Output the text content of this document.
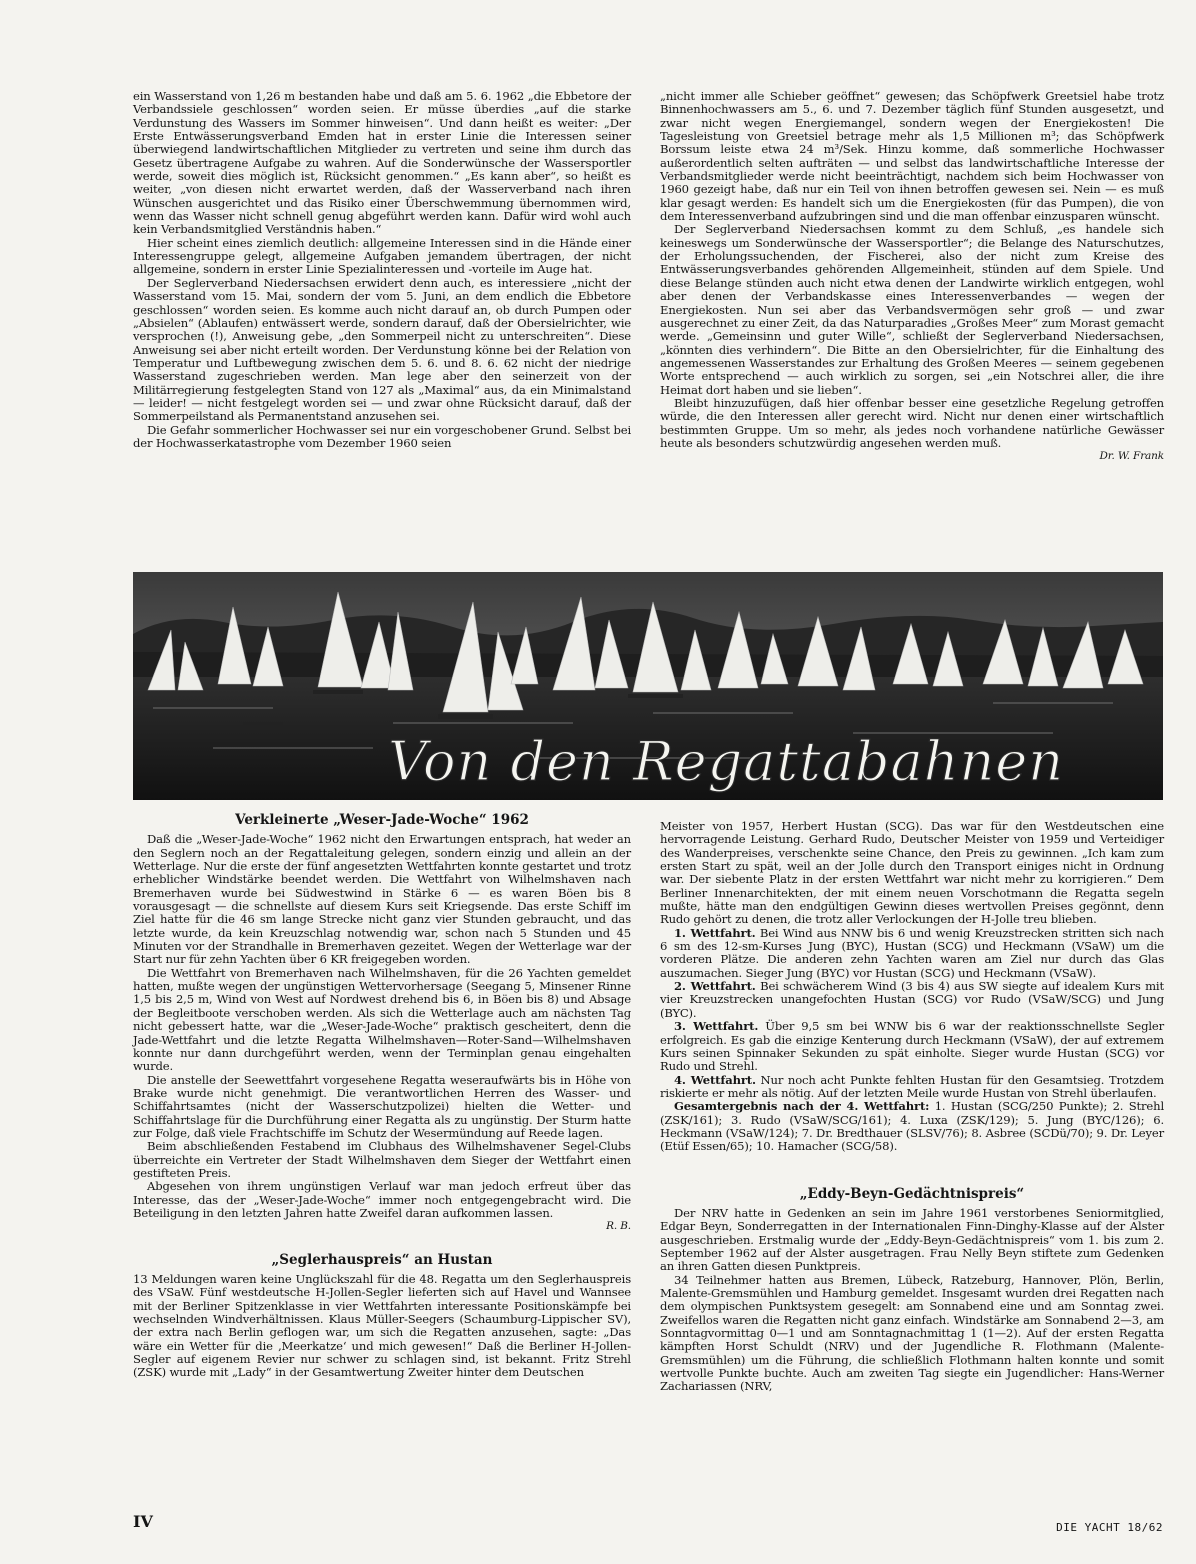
ein Wasserstand von 1,26 m bestanden habe und daß am 5. 6. 1962 „die Ebbetore der Verbandssiele geschlossen“ worden seien. Er müsse überdies „auf die starke Verdunstung des Wassers im Sommer hinweisen“. Und dann heißt es weiter: „Der Erste Entwässerungsverband Emden hat in erster Linie die Interessen seiner überwiegend landwirtschaftlichen Mitglieder zu vertreten und seine ihm durch das Gesetz übertragene Aufgabe zu wahren. Auf die Sonderwünsche der Wassersportler werde, soweit dies möglich ist, Rücksicht genommen.“ „Es kann aber“, so heißt es weiter, „von diesen nicht erwartet werden, daß der Wasserverband nach ihren Wünschen ausgerichtet und das Risiko einer Überschwemmung übernommen wird, wenn das Wasser nicht schnell genug abgeführt werden kann. Dafür wird wohl auch kein Verbandsmitglied Verständnis haben.“

Hier scheint eines ziemlich deutlich: allgemeine Interessen sind in die Hände einer Interessengruppe gelegt, allgemeine Aufgaben jemandem übertragen, der nicht allgemeine, sondern in erster Linie Spezialinteressen und -vorteile im Auge hat.

Der Seglerverband Niedersachsen erwidert denn auch, es interessiere „nicht der Wasserstand vom 15. Mai, sondern der vom 5. Juni, an dem endlich die Ebbetore geschlossen“ worden seien. Es komme auch nicht darauf an, ob durch Pumpen oder „Absielen“ (Ablaufen) entwässert werde, sondern darauf, daß der Obersielrichter, wie versprochen (!), Anweisung gebe, „den Sommerpeil nicht zu unterschreiten“. Diese Anweisung sei aber nicht erteilt worden. Der Verdunstung könne bei der Relation von Temperatur und Luftbewegung zwischen dem 5. 6. und 8. 6. 62 nicht der niedrige Wasserstand zugeschrieben werden. Man lege aber den seinerzeit von der Militärregierung festgelegten Stand von 127 als „Maximal“ aus, da ein Minimalstand — leider! — nicht festgelegt worden sei — und zwar ohne Rücksicht darauf, daß der Sommerpeilstand als Permanentstand anzusehen sei.

Die Gefahr sommerlicher Hochwasser sei nur ein vorgeschobener Grund. Selbst bei der Hochwasserkatastrophe vom Dezember 1960 seien

„nicht immer alle Schieber geöffnet“ gewesen; das Schöpfwerk Greetsiel habe trotz Binnenhochwassers am 5., 6. und 7. Dezember täglich fünf Stunden ausgesetzt, und zwar nicht wegen Energiemangel, sondern wegen der Energiekosten! Die Tagesleistung von Greetsiel betrage mehr als 1,5 Millionen m³; das Schöpfwerk Borssum leiste etwa 24 m³/Sek. Hinzu komme, daß sommerliche Hochwasser außerordentlich selten aufträten — und selbst das landwirtschaftliche Interesse der Verbandsmitglieder werde nicht beeinträchtigt, nachdem sich beim Hochwasser von 1960 gezeigt habe, daß nur ein Teil von ihnen betroffen gewesen sei. Nein — es muß klar gesagt werden: Es handelt sich um die Energiekosten (für das Pumpen), die von dem Interessenverband aufzubringen sind und die man offenbar einzusparen wünscht.

Der Seglerverband Niedersachsen kommt zu dem Schluß, „es handele sich keineswegs um Sonderwünsche der Wassersportler“; die Belange des Naturschutzes, der Erholungssuchenden, der Fischerei, also der nicht zum Kreise des Entwässerungsverbandes gehörenden Allgemeinheit, stünden auf dem Spiele. Und diese Belange stünden auch nicht etwa denen der Landwirte wirklich entgegen, wohl aber denen der Verbandskasse eines Interessenverbandes — wegen der Energiekosten. Nun sei aber das Verbandsvermögen sehr groß — und zwar ausgerechnet zu einer Zeit, da das Naturparadies „Großes Meer“ zum Morast gemacht werde. „Gemeinsinn und guter Wille“, schließt der Seglerverband Niedersachsen, „könnten dies verhindern“. Die Bitte an den Obersielrichter, für die Einhaltung des angemessenen Wasserstandes zur Erhaltung des Großen Meeres — seinem gegebenen Worte entsprechend — auch wirklich zu sorgen, sei „ein Notschrei aller, die ihre Heimat dort haben und sie lieben“.

Bleibt hinzuzufügen, daß hier offenbar besser eine gesetzliche Regelung getroffen würde, die den Interessen aller gerecht wird. Nicht nur denen einer wirtschaftlich bestimmten Gruppe. Um so mehr, als jedes noch vorhandene natürliche Gewässer heute als besonders schutzwürdig angesehen werden muß.

Dr. W. Frank

Von den Regattabahnen
Verkleinerte „Weser-Jade-Woche“ 1962

Daß die „Weser-Jade-Woche“ 1962 nicht den Erwartungen entsprach, hat weder an den Seglern noch an der Regattaleitung gelegen, sondern einzig und allein an der Wetterlage. Nur die erste der fünf angesetzten Wettfahrten konnte gestartet und trotz erheblicher Windstärke beendet werden. Die Wettfahrt von Wilhelmshaven nach Bremerhaven wurde bei Südwestwind in Stärke 6 — es waren Böen bis 8 vorausgesagt — die schnellste auf diesem Kurs seit Kriegsende. Das erste Schiff im Ziel hatte für die 46 sm lange Strecke nicht ganz vier Stunden gebraucht, und das letzte wurde, da kein Kreuzschlag notwendig war, schon nach 5 Stunden und 45 Minuten vor der Strandhalle in Bremerhaven gezeitet. Wegen der Wetterlage war der Start nur für zehn Yachten über 6 KR freigegeben worden.

Die Wettfahrt von Bremerhaven nach Wilhelmshaven, für die 26 Yachten gemeldet hatten, mußte wegen der ungünstigen Wettervorhersage (Seegang 5, Minsener Rinne 1,5 bis 2,5 m, Wind von West auf Nordwest drehend bis 6, in Böen bis 8) und Absage der Begleitboote verschoben werden. Als sich die Wetterlage auch am nächsten Tag nicht gebessert hatte, war die „Weser-Jade-Woche“ praktisch gescheitert, denn die Jade-Wettfahrt und die letzte Regatta Wilhelmshaven—Roter-Sand—Wilhelmshaven konnte nur dann durchgeführt werden, wenn der Terminplan genau eingehalten wurde.

Die anstelle der Seewettfahrt vorgesehene Regatta weseraufwärts bis in Höhe von Brake wurde nicht genehmigt. Die verantwortlichen Herren des Wasser- und Schiffahrtsamtes (nicht der Wasserschutzpolizei) hielten die Wetter- und Schiffahrtslage für die Durchführung einer Regatta als zu ungünstig. Der Sturm hatte zur Folge, daß viele Frachtschiffe im Schutz der Wesermündung auf Reede lagen.

Beim abschließenden Festabend im Clubhaus des Wilhelmshavener Segel-Clubs überreichte ein Vertreter der Stadt Wilhelmshaven dem Sieger der Wettfahrt einen gestifteten Preis.

Abgesehen von ihrem ungünstigen Verlauf war man jedoch erfreut über das Interesse, das der „Weser-Jade-Woche“ immer noch entgegengebracht wird. Die Beteiligung in den letzten Jahren hatte Zweifel daran aufkommen lassen.

R. B.

„Seglerhauspreis“ an Hustan

13 Meldungen waren keine Unglückszahl für die 48. Regatta um den Seglerhauspreis des VSaW. Fünf westdeutsche H-Jollen-Segler lieferten sich auf Havel und Wannsee mit der Berliner Spitzenklasse in vier Wettfahrten interessante Positionskämpfe bei wechselnden Windverhältnissen. Klaus Müller-Seegers (Schaumburg-Lippischer SV), der extra nach Berlin geflogen war, um sich die Regatten anzusehen, sagte: „Das wäre ein Wetter für die ‚Meerkatze‘ und mich gewesen!“ Daß die Berliner H-Jollen-Segler auf eigenem Revier nur schwer zu schlagen sind, ist bekannt. Fritz Strehl (ZSK) wurde mit „Lady“ in der Gesamtwertung Zweiter hinter dem Deutschen

Meister von 1957, Herbert Hustan (SCG). Das war für den Westdeutschen eine hervorragende Leistung. Gerhard Rudo, Deutscher Meister von 1959 und Verteidiger des Wanderpreises, verschenkte seine Chance, den Preis zu gewinnen. „Ich kam zum ersten Start zu spät, weil an der Jolle durch den Transport einiges nicht in Ordnung war. Der siebente Platz in der ersten Wettfahrt war nicht mehr zu korrigieren.“ Dem Berliner Innenarchitekten, der mit einem neuen Vorschotmann die Regatta segeln mußte, hätte man den endgültigen Gewinn dieses wertvollen Preises gegönnt, denn Rudo gehört zu denen, die trotz aller Verlockungen der H-Jolle treu blieben.

1. Wettfahrt. Bei Wind aus NNW bis 6 und wenig Kreuzstrecken stritten sich nach 6 sm des 12-sm-Kurses Jung (BYC), Hustan (SCG) und Heckmann (VSaW) um die vorderen Plätze. Die anderen zehn Yachten waren am Ziel nur durch das Glas auszumachen. Sieger Jung (BYC) vor Hustan (SCG) und Heckmann (VSaW).

2. Wettfahrt. Bei schwächerem Wind (3 bis 4) aus SW siegte auf idealem Kurs mit vier Kreuzstrecken unangefochten Hustan (SCG) vor Rudo (VSaW/SCG) und Jung (BYC).

3. Wettfahrt. Über 9,5 sm bei WNW bis 6 war der reaktionsschnellste Segler erfolgreich. Es gab die einzige Kenterung durch Heckmann (VSaW), der auf extremem Kurs seinen Spinnaker Sekunden zu spät einholte. Sieger wurde Hustan (SCG) vor Rudo und Strehl.

4. Wettfahrt. Nur noch acht Punkte fehlten Hustan für den Gesamtsieg. Trotzdem riskierte er mehr als nötig. Auf der letzten Meile wurde Hustan von Strehl überlaufen.

Gesamtergebnis nach der 4. Wettfahrt: 1. Hustan (SCG/250 Punkte); 2. Strehl (ZSK/161); 3. Rudo (VSaW/SCG/161); 4. Luxa (ZSK/129); 5. Jung (BYC/126); 6. Heckmann (VSaW/124); 7. Dr. Bredthauer (SLSV/76); 8. Asbree (SCDü/70); 9. Dr. Leyer (Etüf Essen/65); 10. Hamacher (SCG/58).

„Eddy-Beyn-Gedächtnispreis“

Der NRV hatte in Gedenken an sein im Jahre 1961 verstorbenes Seniormitglied, Edgar Beyn, Sonderregatten in der Internationalen Finn-Dinghy-Klasse auf der Alster ausgeschrieben. Erstmalig wurde der „Eddy-Beyn-Gedächtnispreis“ vom 1. bis zum 2. September 1962 auf der Alster ausgetragen. Frau Nelly Beyn stiftete zum Gedenken an ihren Gatten diesen Punktpreis.

34 Teilnehmer hatten aus Bremen, Lübeck, Ratzeburg, Hannover, Plön, Berlin, Malente-Gremsmühlen und Hamburg gemeldet. Insgesamt wurden drei Regatten nach dem olympischen Punktsystem gesegelt: am Sonnabend eine und am Sonntag zwei. Zweifellos waren die Regatten nicht ganz einfach. Windstärke am Sonnabend 2—3, am Sonntagvormittag 0—1 und am Sonntagnachmittag 1 (1—2). Auf der ersten Regatta kämpften Horst Schuldt (NRV) und der Jugendliche R. Flothmann (Malente-Gremsmühlen) um die Führung, die schließlich Flothmann halten konnte und somit wertvolle Punkte buchte. Auch am zweiten Tag siegte ein Jugendlicher: Hans-Werner Zachariassen (NRV,

IV	DIE YACHT 18/62
